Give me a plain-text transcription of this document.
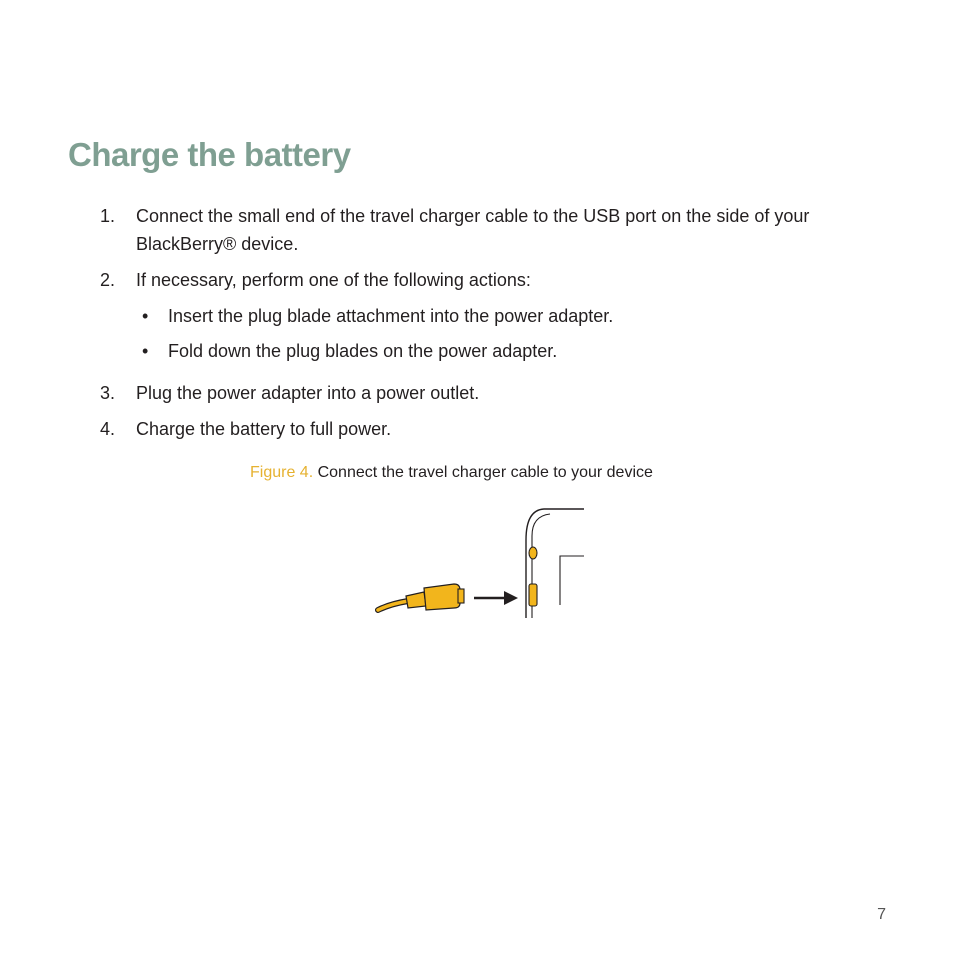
Charge the battery
1. Connect the small end of the travel charger cable to the USB port on the side of your BlackBerry® device.
2. If necessary, perform one of the following actions:
• Insert the plug blade attachment into the power adapter.
• Fold down the plug blades on the power adapter.
3. Plug the power adapter into a power outlet.
4. Charge the battery to full power.
Figure 4. Connect the travel charger cable to your device
7
